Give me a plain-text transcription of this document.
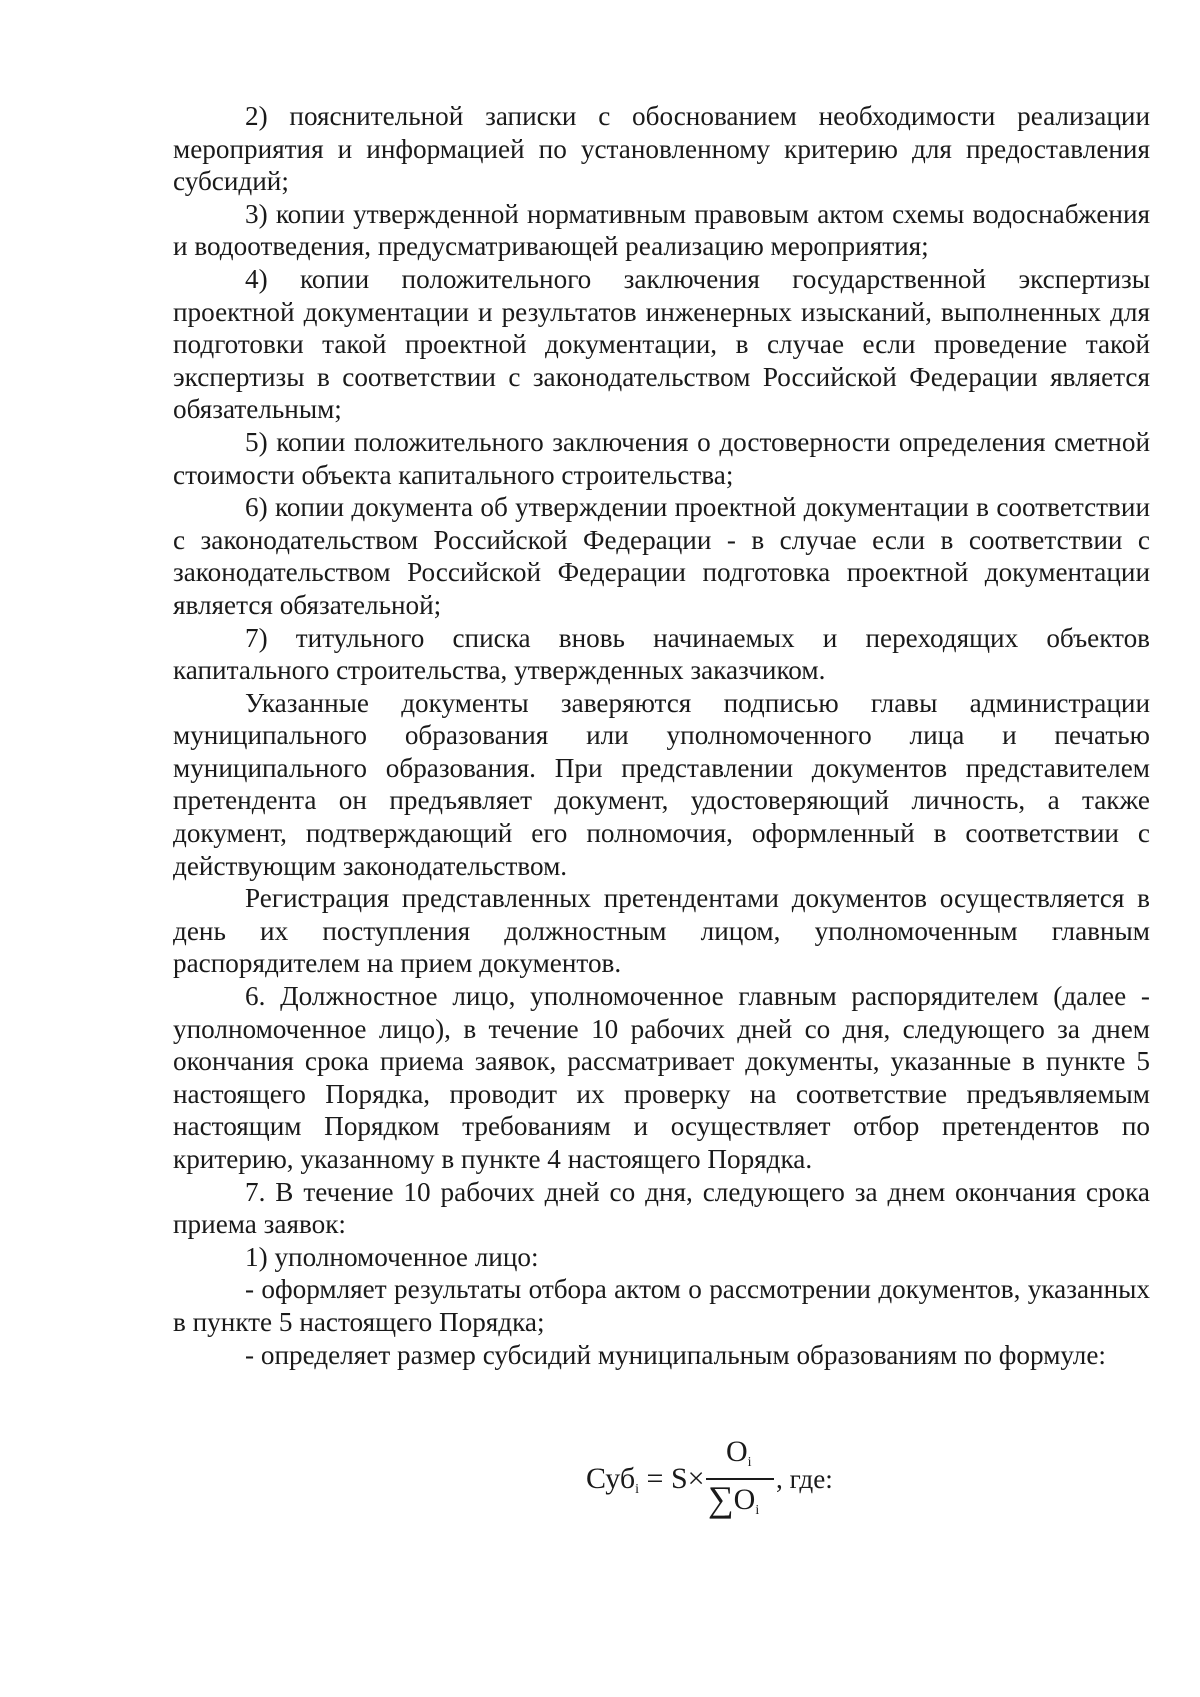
2) пояснительной записки с обоснованием необходимости реализации мероприятия и информацией по установленному критерию для предоставления субсидий;

3) копии утвержденной нормативным правовым актом схемы водоснабжения и водоотведения, предусматривающей реализацию мероприятия;

4) копии положительного заключения государственной экспертизы проектной документации и результатов инженерных изысканий, выполненных для подготовки такой проектной документации, в случае если проведение такой экспертизы в соответствии с законодательством Российской Федерации является обязательным;

5) копии положительного заключения о достоверности определения сметной стоимости объекта капитального строительства;

6) копии документа об утверждении проектной документации в соответствии с законодательством Российской Федерации - в случае если в соответствии с законодательством Российской Федерации подготовка проектной документации является обязательной;

7) титульного списка вновь начинаемых и переходящих объектов капитального строительства, утвержденных заказчиком.

Указанные документы заверяются подписью главы администрации муниципального образования или уполномоченного лица и печатью муниципального образования. При представлении документов представителем претендента он предъявляет документ, удостоверяющий личность, а также документ, подтверждающий его полномочия, оформленный в соответствии с действующим законодательством.

Регистрация представленных претендентами документов осуществляется в день их поступления должностным лицом, уполномоченным главным распорядителем на прием документов.

6. Должностное лицо, уполномоченное главным распорядителем (далее - уполномоченное лицо), в течение 10 рабочих дней со дня, следующего за днем окончания срока приема заявок, рассматривает документы, указанные в пункте 5 настоящего Порядка, проводит их проверку на соответствие предъявляемым настоящим Порядком требованиям и осуществляет отбор претендентов по критерию, указанному в пункте 4 настоящего Порядка.

7. В течение 10 рабочих дней со дня, следующего за днем окончания срока приема заявок:

1) уполномоченное лицо:

- оформляет результаты отбора актом о рассмотрении документов, указанных в пункте 5 настоящего Порядка;

- определяет размер субсидий муниципальным образованиям по формуле:

Суб$_i$ = S×
$O_i$
$\sum O_i$
, где:
